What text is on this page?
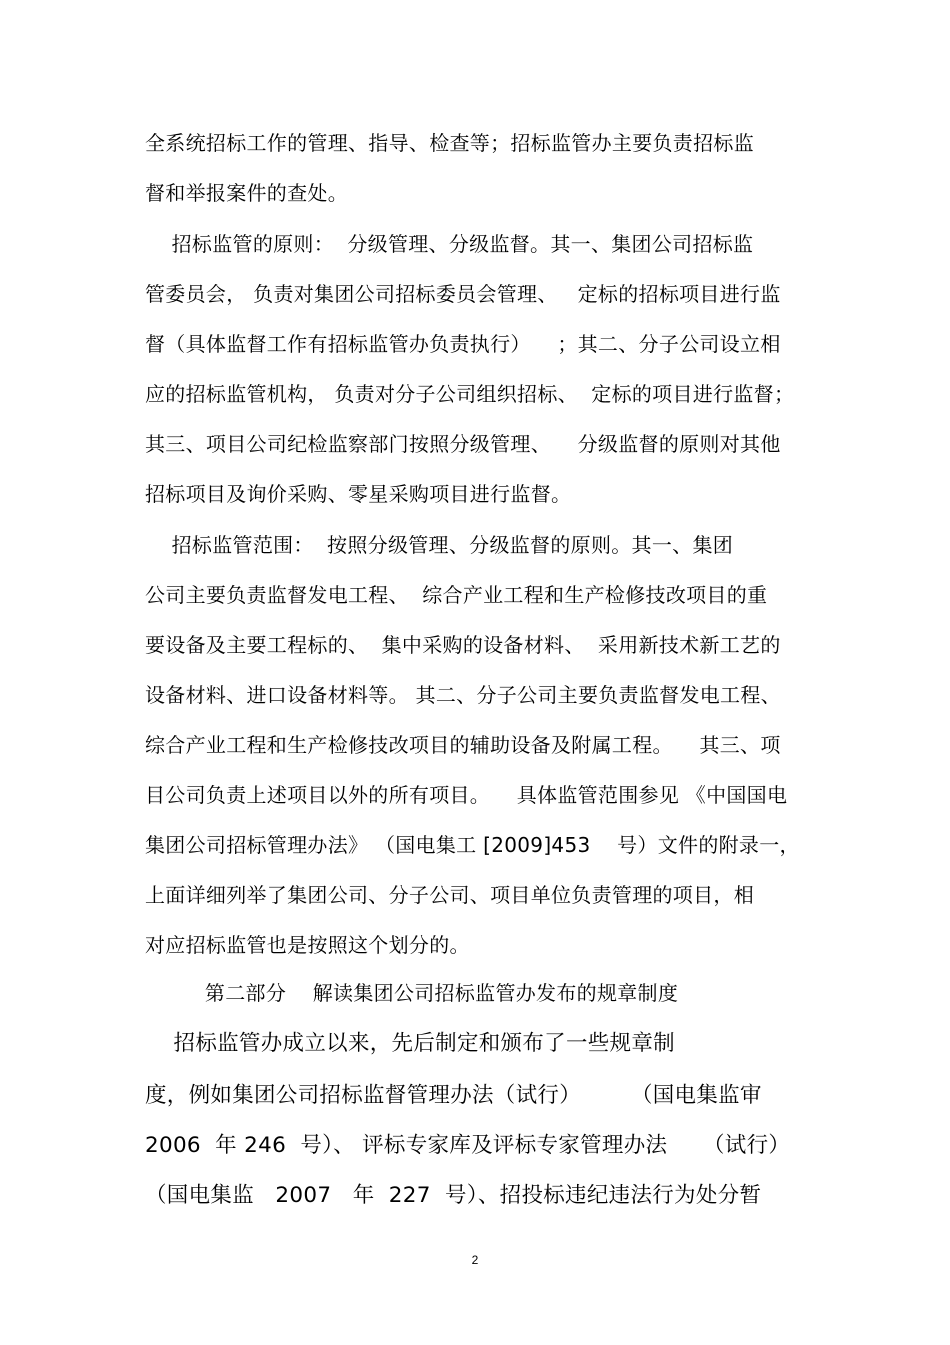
全系统招标工作的管理、指导、检查等；招标监管办主要负责招标监
督和举报案件的查处。
招标监管的原则：  分级管理、分级监督。其一、集团公司招标监
管委员会， 负责对集团公司招标委员会管理、   定标的招标项目进行监
督（具体监督工作有招标监管办负责执行）    ；其二、分子公司设立相
应的招标监管机构， 负责对分子公司组织招标、  定标的项目进行监督；
其三、项目公司纪检监察部门按照分级管理、    分级监督的原则对其他
招标项目及询价采购、零星采购项目进行监督。
招标监管范围：  按照分级管理、分级监督的原则。其一、集团
公司主要负责监督发电工程、  综合产业工程和生产检修技改项目的重
要设备及主要工程标的、  集中采购的设备材料、  采用新技术新工艺的
设备材料、进口设备材料等。 其二、分子公司主要负责监督发电工程、
综合产业工程和生产检修技改项目的辅助设备及附属工程。    其三、项
目公司负责上述项目以外的所有项目。    具体监管范围参见 《中国国电
集团公司招标管理办法》 （国电集工 [2009]453    号）文件的附录一，
上面详细列举了集团公司、分子公司、项目单位负责管理的项目，相
对应招标监管也是按照这个划分的。
第二部分    解读集团公司招标监管办发布的规章制度
招标监管办成立以来，先后制定和颁布了一些规章制
度，例如集团公司招标监督管理办法（试行）       （国电集监审
2006  年 246  号）、 评标专家库及评标专家管理办法     （试行）
（国电集监   2007   年  227  号）、招投标违纪违法行为处分暂
2
